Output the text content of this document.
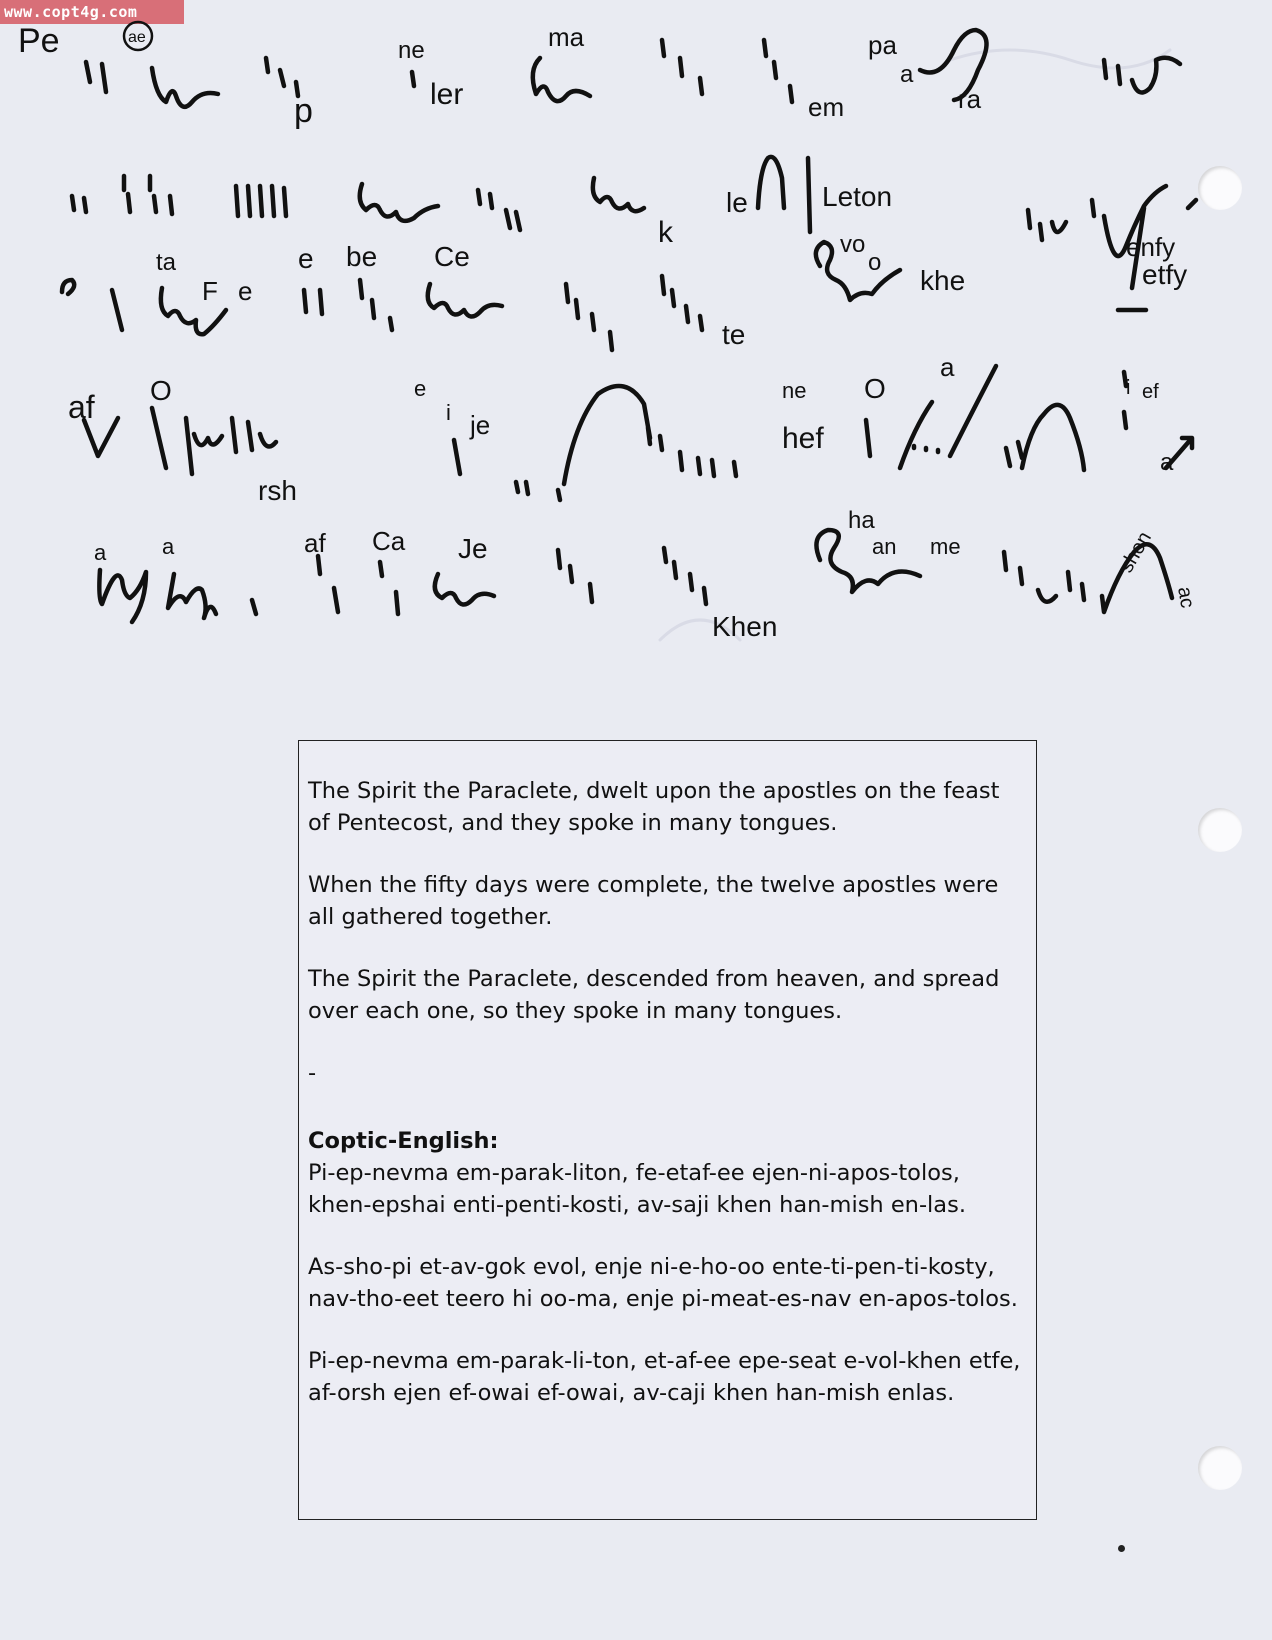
www.copt4g.com
Pe	ae	ne	ma
p	ler	em
pa
a
ra
le	Leton
vo
o
khe
k	enfy
etfy
ta
F e
e be Ce
te
af O
rsh
e
i je
ne
hef
O
a
i ef
a
a	a	af Ca Je
Khen
ha
an me	shen
ac

The Spirit the Paraclete, dwelt upon the apostles on the feast of Pentecost, and they spoke in many tongues.

When the fifty days were complete, the twelve apostles were all gathered together.

The Spirit the Paraclete, descended from heaven, and spread over each one, so they spoke in many tongues.

-

Coptic-English:

Pi-ep-nevma em-parak-liton, fe-etaf-ee ejen-ni-apos-tolos, khen-epshai enti-penti-kosti, av-saji khen han-mish en-las.

As-sho-pi et-av-gok evol, enje ni-e-ho-oo ente-ti-pen-ti-kosty, nav-tho-eet teero hi oo-ma, enje pi-meat-es-nav en-apos-tolos.

Pi-ep-nevma em-parak-li-ton, et-af-ee epe-seat e-vol-khen etfe, af-orsh ejen ef-owai ef-owai, av-caji khen han-mish enlas.
